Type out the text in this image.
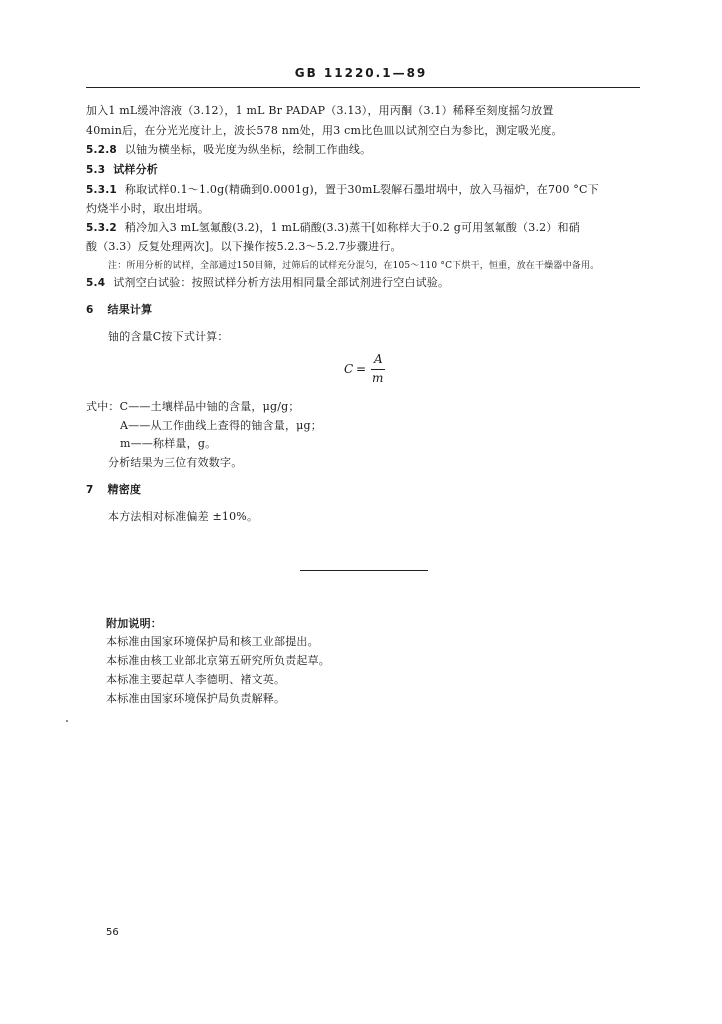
GB 11220.1—89
加入1 mL缓冲溶液（3.12），1 mL Br PADAP（3.13），用丙酮（3.1）稀释至刻度摇匀放置
40min后，在分光光度计上，波长578 nm处，用3 cm比色皿以试剂空白为参比，测定吸光度。
5.2.8 以铀为横坐标，吸光度为纵坐标，绘制工作曲线。
5.3 试样分析
5.3.1 称取试样0.1～1.0g(精确到0.0001g)，置于30mL裂解石墨坩埚中，放入马福炉，在700 °C下
灼烧半小时，取出坩埚。
5.3.2 稍冷加入3 mL氢氟酸(3.2)，1 mL硝酸(3.3)蒸干[如称样大于0.2 g可用氢氟酸（3.2）和硝
酸（3.3）反复处理两次]。以下操作按5.2.3～5.2.7步骤进行。
注：所用分析的试样，全部通过150目筛，过筛后的试样充分混匀，在105～110 °C下烘干，恒重，放在干燥器中备用。
5.4 试剂空白试验：按照试样分析方法用相同量全部试剂进行空白试验。
6 结果计算
铀的含量C按下式计算：
C =
A
m
式中：C——土壤样品中铀的含量，μg/g；
A——从工作曲线上查得的铀含量，μg；
m——称样量，g。
分析结果为三位有效数字。
7 精密度
本方法相对标准偏差 ±10%。
附加说明：
本标准由国家环境保护局和核工业部提出。
本标准由核工业部北京第五研究所负责起草。
本标准主要起草人李德明、褚文英。
本标准由国家环境保护局负责解释。
56
